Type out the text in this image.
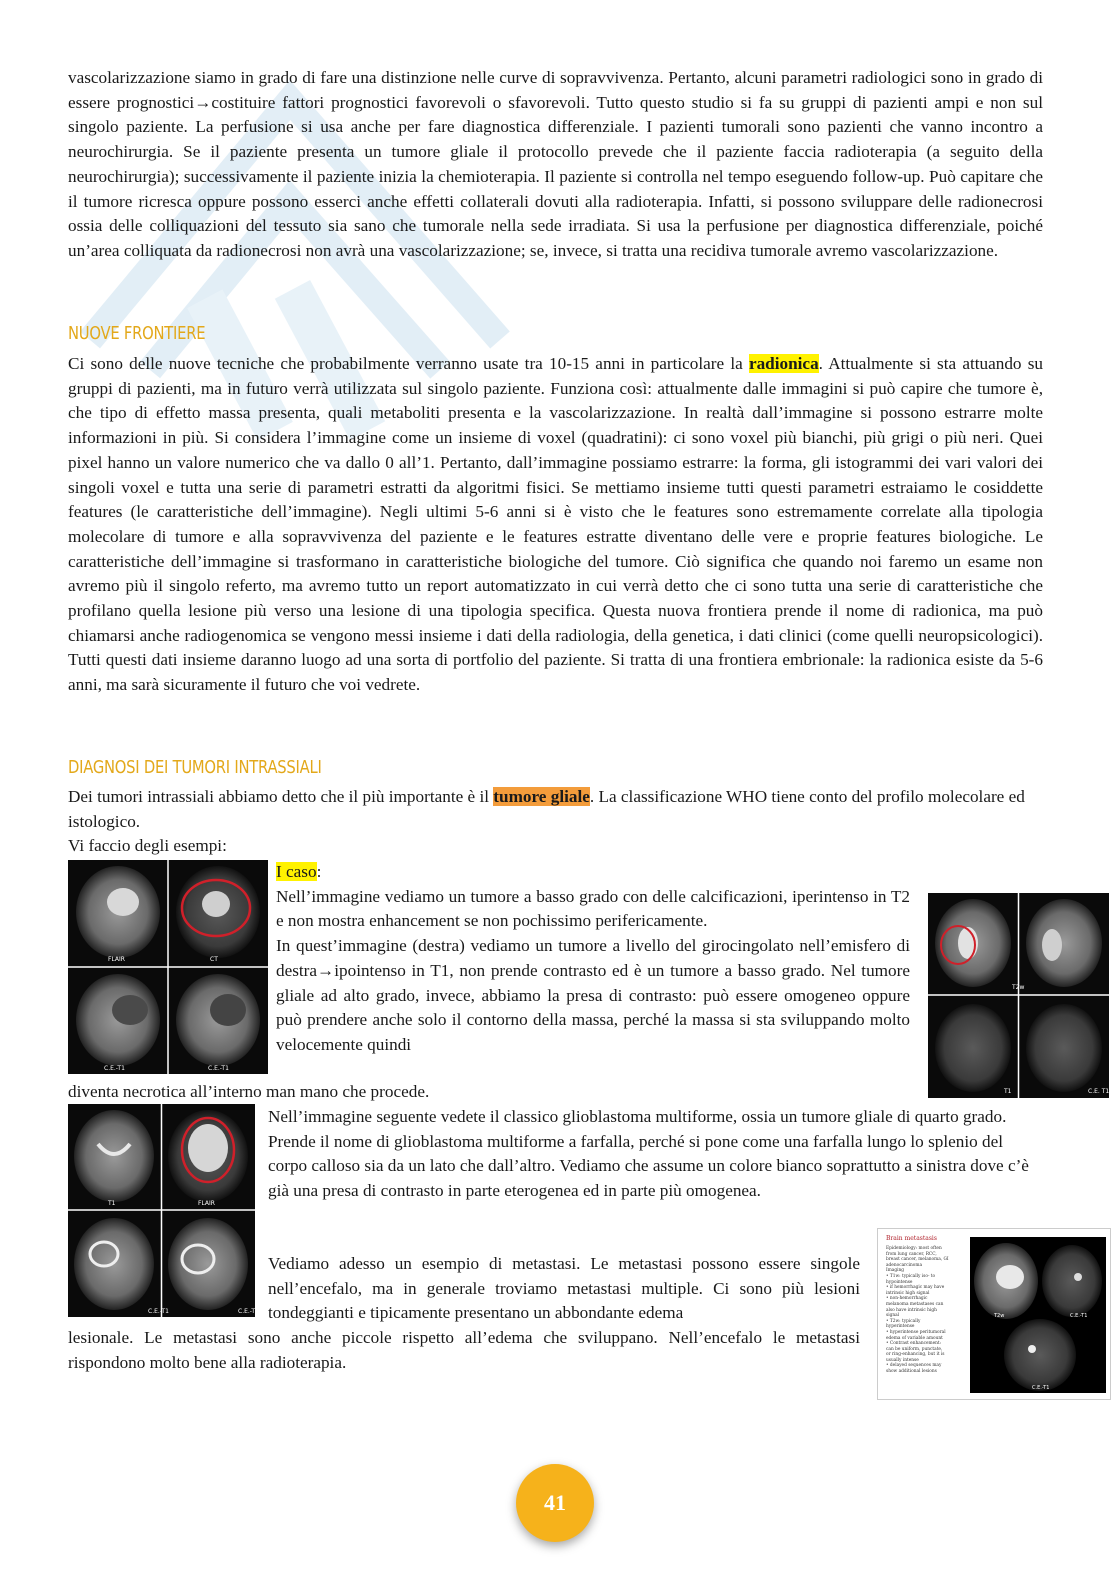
vascolarizzazione siamo in grado di fare una distinzione nelle curve di sopravvivenza. Pertanto, alcuni parametri radiologici sono in grado di essere prognostici→costituire fattori prognostici favorevoli o sfavorevoli. Tutto questo studio si fa su gruppi di pazienti ampi e non sul singolo paziente. La perfusione si usa anche per fare diagnostica differenziale. I pazienti tumorali sono pazienti che vanno incontro a neurochirurgia. Se il paziente presenta un tumore gliale il protocollo prevede che il paziente faccia radioterapia (a seguito della neurochirurgia); successivamente il paziente inizia la chemioterapia. Il paziente si controlla nel tempo eseguendo follow-up. Può capitare che il tumore ricresca oppure possono esserci anche effetti collaterali dovuti alla radioterapia. Infatti, si possono sviluppare delle radionecrosi ossia delle colliquazioni del tessuto sia sano che tumorale nella sede irradiata. Si usa la perfusione per diagnostica differenziale, poiché un’area colliquata da radionecrosi non avrà una vascolarizzazione; se, invece, si tratta una recidiva tumorale avremo vascolarizzazione.

NUOVE FRONTIERE

Ci sono delle nuove tecniche che probabilmente verranno usate tra 10-15 anni in particolare la radionica. Attualmente si sta attuando su gruppi di pazienti, ma in futuro verrà utilizzata sul singolo paziente. Funziona così: attualmente dalle immagini si può capire che tumore è, che tipo di effetto massa presenta, quali metaboliti presenta e la vascolarizzazione. In realtà dall’immagine si possono estrarre molte informazioni in più. Si considera l’immagine come un insieme di voxel (quadratini): ci sono voxel più bianchi, più grigi o più neri. Quei pixel hanno un valore numerico che va dallo 0 all’1. Pertanto, dall’immagine possiamo estrarre: la forma, gli istogrammi dei vari valori dei singoli voxel e tutta una serie di parametri estratti da algoritmi fisici. Se mettiamo insieme tutti questi parametri estraiamo le cosiddette features (le caratteristiche dell’immagine). Negli ultimi 5-6 anni si è visto che le features sono estremamente correlate alla tipologia molecolare di tumore e alla sopravvivenza del paziente e le features estratte diventano delle vere e proprie features biologiche. Le caratteristiche dell’immagine si trasformano in caratteristiche biologiche del tumore. Ciò significa che quando noi faremo un esame non avremo più il singolo referto, ma avremo tutto un report automatizzato in cui verrà detto che ci sono tutta una serie di caratteristiche che profilano quella lesione più verso una lesione di una tipologia specifica. Questa nuova frontiera prende il nome di radionica, ma può chiamarsi anche radiogenomica se vengono messi insieme i dati della radiologia, della genetica, i dati clinici (come quelli neuropsicologici). Tutti questi dati insieme daranno luogo ad una sorta di portfolio del paziente. Si tratta di una frontiera embrionale: la radionica esiste da 5-6 anni, ma sarà sicuramente il futuro che voi vedrete.

DIAGNOSI DEI TUMORI INTRASSIALI

Dei tumori intrassiali abbiamo detto che il più importante è il tumore gliale. La classificazione WHO tiene conto del profilo molecolare ed istologico.

Vi faccio degli esempi:

FLAIR	CT
C.E.-T1	C.E.-T1

I caso:

Nell’immagine vediamo un tumore a basso grado con delle calcificazioni, iperintenso in T2 e non mostra enhancement se non pochissimo perifericamente.

In quest’immagine (destra) vediamo un tumore a livello del girocingolato nell’emisfero di destra→ipointenso in T1, non prende contrasto ed è un tumore a basso grado. Nel tumore gliale ad alto grado, invece, abbiamo la presa di contrasto: può essere omogeneo oppure può prendere anche solo il contorno della massa, perché la massa si sta sviluppando molto velocemente quindi

diventa necrotica all’interno man mano che procede.

T2w
T1	C.E. T1
T1	FLAIR
C.E.-T1	C.E.-T1

Nell’immagine seguente vedete il classico glioblastoma multiforme, ossia un tumore gliale di quarto grado. Prende il nome di glioblastoma multiforme a farfalla, perché si pone come una farfalla lungo lo splenio del corpo calloso sia da un lato che dall’altro. Vediamo che assume un colore bianco soprattutto a sinistra dove c’è già una presa di contrasto in parte eterogenea ed in parte più omogenea.

Vediamo adesso un esempio di metastasi. Le metastasi possono essere singole nell’encefalo, ma in generale troviamo metastasi multiple. Ci sono più lesioni tondeggianti e tipicamente presentano un abbondante edema

lesionale. Le metastasi sono anche piccole rispetto all’edema che sviluppano. Nell’encefalo le metastasi rispondono molto bene alla radioterapia.

Brain metastasis
Epidemiology: most often
from lung cancer, RCC,
breast cancer, melanoma, GI
adenocarcinoma
Imaging
• T1w: typically iso- to
hypointense
• if hemorrhagic may have
intrinsic high signal
• non-hemorrhagic
melanoma metastases can
also have intrinsic high
signal
• T2w: typically
hyperintense
• hyperintense peritumoral
edema of variable amount
• Contrast enhancement:
can be uniform, punctate,
or ring-enhancing, but it is
usually intense
• delayed sequences may
show additional lesions
T2w	C.E.-T1
C.E.-T1
41
